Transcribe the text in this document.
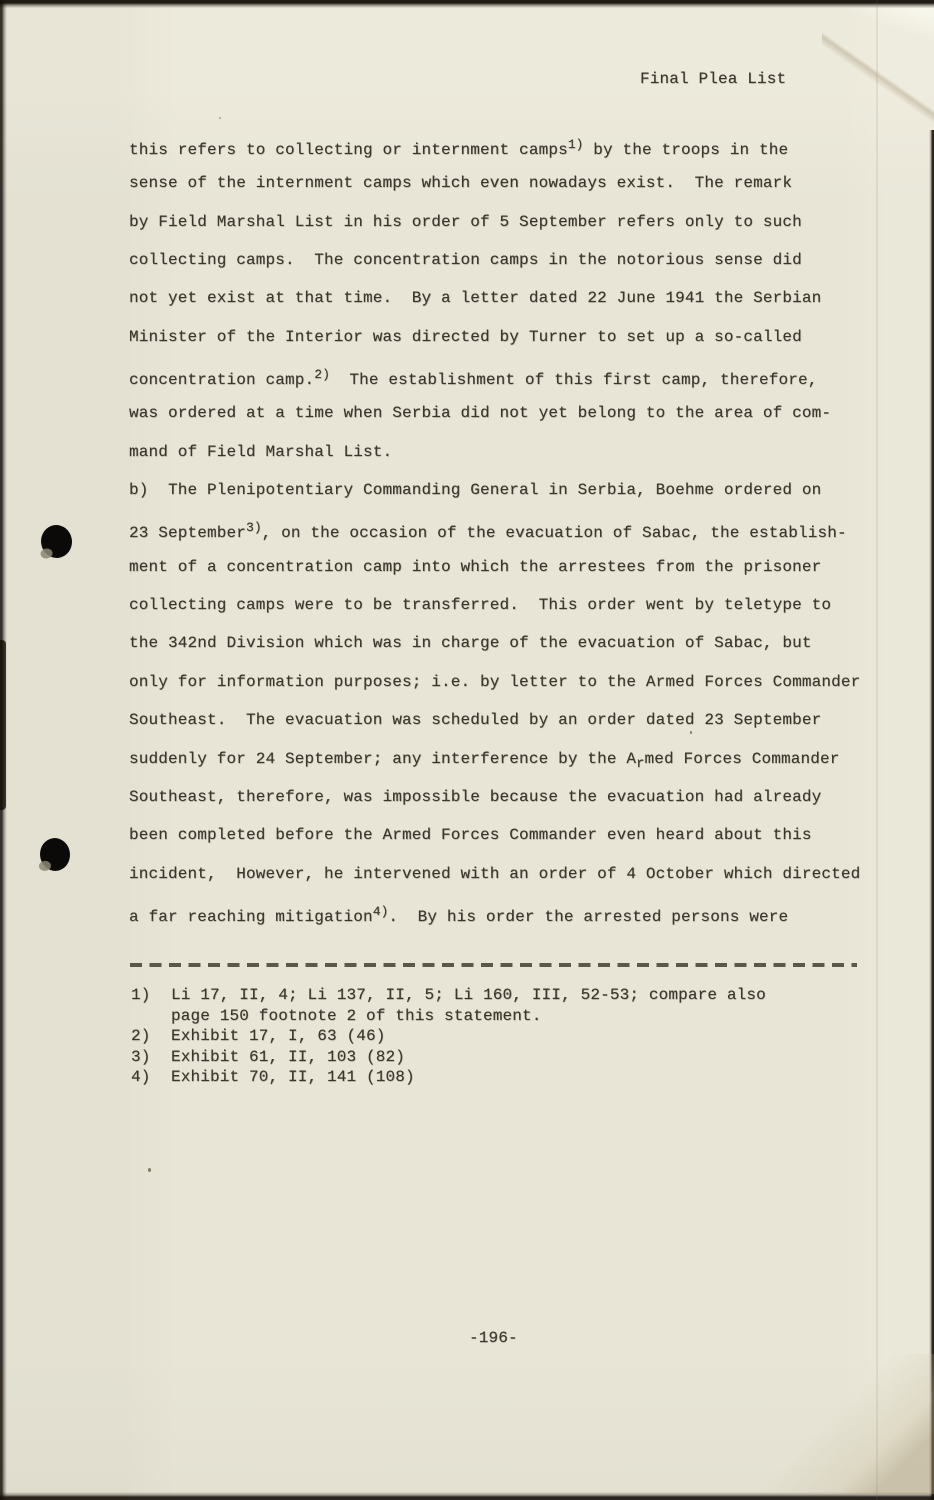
Final Plea List
this refers to collecting or internment camps$^{1)}$ by the troops in the
sense of the internment camps which even nowadays exist.  The remark
by Field Marshal List in his order of 5 September refers only to such
collecting camps.  The concentration camps in the notorious sense did
not yet exist at that time.  By a letter dated 22 June 1941 the Serbian
Minister of the Interior was directed by Turner to set up a so-called
concentration camp.$^{2)}$  The establishment of this first camp, therefore,
was ordered at a time when Serbia did not yet belong to the area of com-
mand of Field Marshal List.
b)  The Plenipotentiary Commanding General in Serbia, Boehme ordered on
23 September$^{3)}$, on the occasion of the evacuation of Sabac, the establish-
ment of a concentration camp into which the arrestees from the prisoner
collecting camps were to be transferred.  This order went by teletype to
the 342nd Division which was in charge of the evacuation of Sabac, but
only for information purposes; i.e. by letter to the Armed Forces Commander
Southeast.  The evacuation was scheduled by an order dated 23 September
suddenly for 24 September; any interference by the $A_rmed$ Forces Commander
Southeast, therefore, was impossible because the evacuation had already
been completed before the Armed Forces Commander even heard about this
incident,  However, he intervened with an order of 4 October which directed
a far reaching mitigation$^{4)}$.  By his order the arrested persons were
1)	Li 17, II, 4; Li 137, II, 5; Li 160, III, 52-53; compare also
page 150 footnote 2 of this statement.
2)	Exhibit 17, I, 63 (46)
3)	Exhibit 61, II, 103 (82)
4)	Exhibit 70, II, 141 (108)
-196-
